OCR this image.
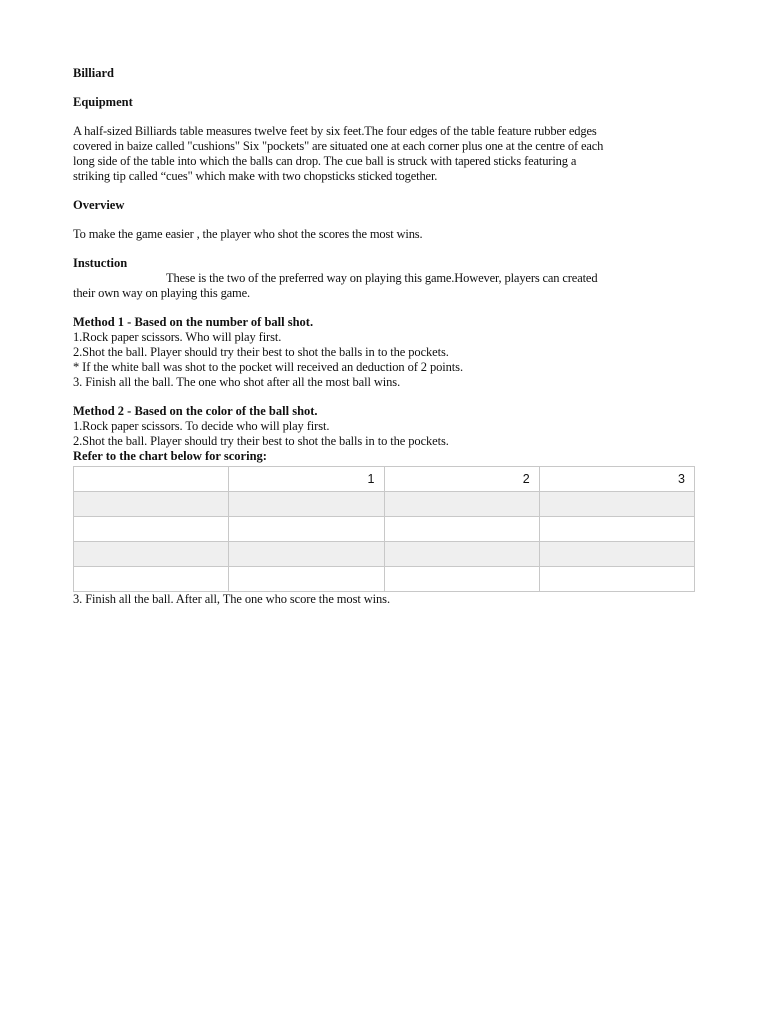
Billiard

Equipment

A half-sized Billiards table measures twelve feet by six feet.The four edges of the table feature rubber edges

covered in baize called "cushions" Six "pockets" are situated one at each corner plus one at the centre of each

long side of the table into which the balls can drop. The cue ball is struck with tapered sticks featuring a

striking tip called “cues" which make with two chopsticks sticked together.

Overview

To make the game easier , the player who shot the scores the most wins.

Instuction

These is the two of the preferred way on playing this game.However, players can created

their own way on playing this game.

Method 1 - Based on the number of ball shot.

1.Rock paper scissors. Who will play first.

2.Shot the ball. Player should try their best to shot the balls in to the pockets.

* If the white ball was shot to the pocket will received an deduction of 2 points.

3. Finish all the ball. The one who shot after all the most ball wins.

Method 2 - Based on the color of the ball shot.

1.Rock paper scissors. To decide who will play first.

2.Shot the ball. Player should try their best to shot the balls in to the pockets.

Refer to the chart below for scoring:

	1	2	3

3. Finish all the ball. After all, The one who score the most wins.
